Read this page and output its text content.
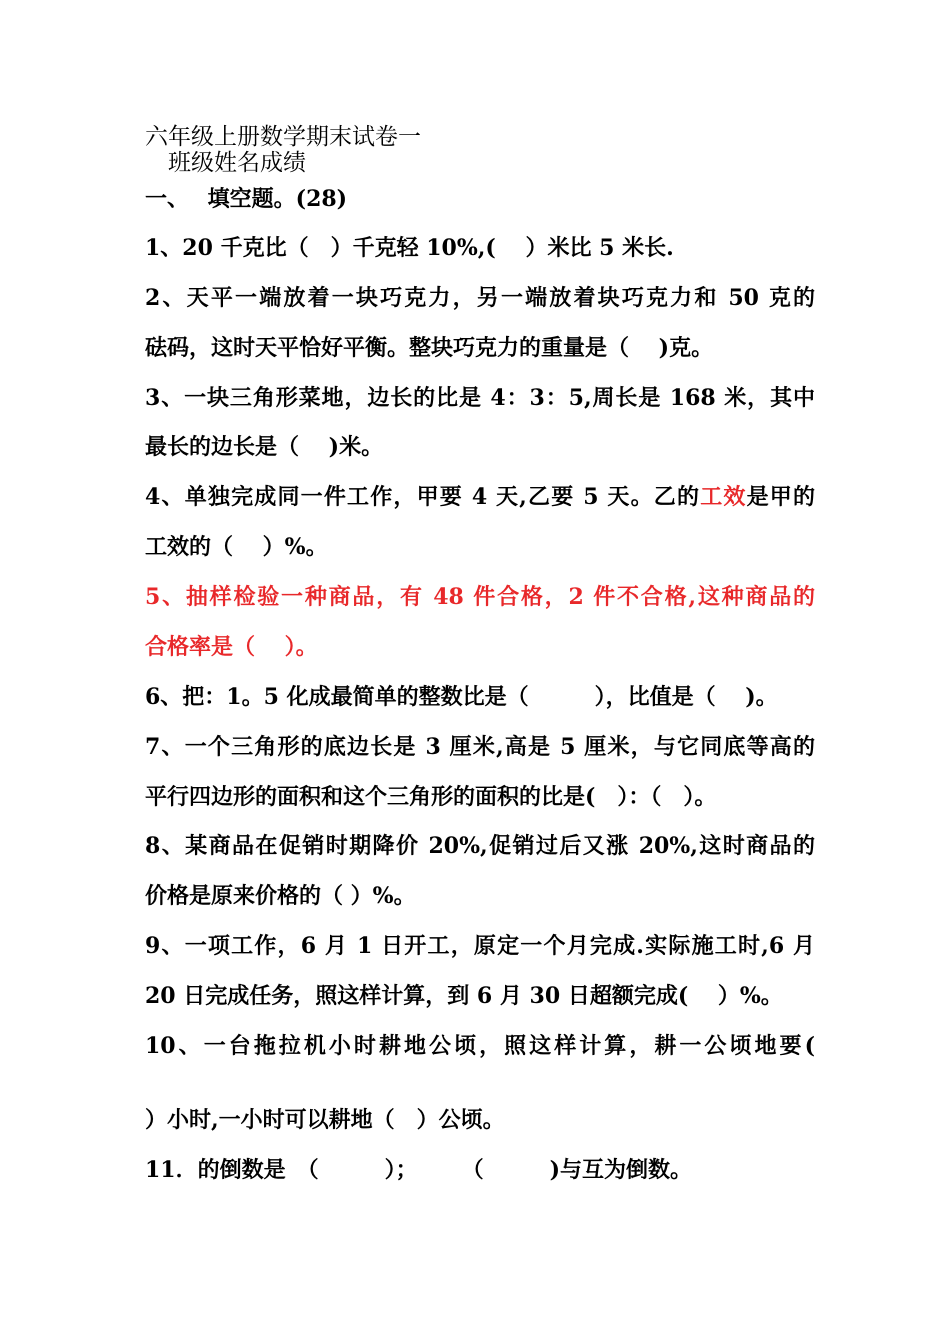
六年级上册数学期末试卷一
班级姓名成绩
一、　 填空题。(28)
1、20 千克比（　）千克轻 10%,(　 ）米比 5 米长.
2、天平一端放着一块巧克力，另一端放着块巧克力和 50 克的
砝码，这时天平恰好平衡。整块巧克力的重量是（　 )克。
3、一块三角形菜地，边长的比是 4：3：5,周长是 168 米，其中
最长的边长是（　 )米。
4、单独完成同一件工作，甲要 4 天,乙要 5 天。乙的工效是甲的
工效的（　 ）%。
5、抽样检验一种商品，有 48 件合格，2 件不合格,这种商品的
合格率是（　 ）。
6、把：1。5 化成最简单的整数比是（　　　），比值是（　 )。
7、一个三角形的底边长是 3 厘米,高是 5 厘米，与它同底等高的
平行四边形的面积和这个三角形的面积的比是(　）：（　）。
8、某商品在促销时期降价 20%,促销过后又涨 20%,这时商品的
价格是原来价格的（ ）%。
9、一项工作，6 月 1 日开工，原定一个月完成.实际施工时,6 月
20 日完成任务，照这样计算，到 6 月 30 日超额完成(　 ）%。
10、一台拖拉机小时耕地公顷，照这样计算，耕一公顷地要(
）小时,一小时可以耕地（　）公顷。
11．的倒数是　（　　　）；　　　（　　　)与互为倒数。
